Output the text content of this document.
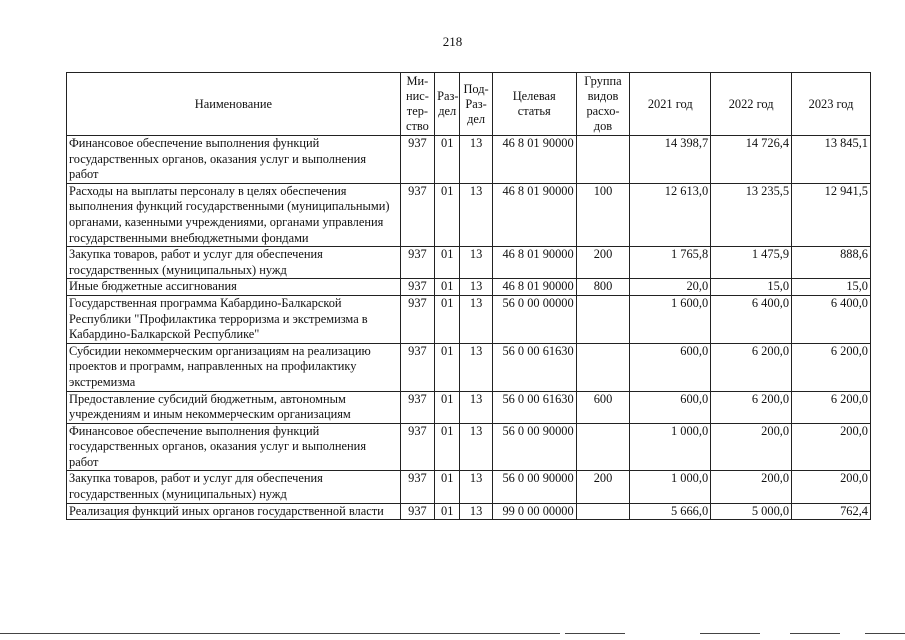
218
Наименование	Ми-нис-тер-ство	Раз-дел	Под-Раз-дел	Целевая статья	Группа видов расхо-дов	2021 год	2022 год	2023 год
Финансовое обеспечение выполнения функций государственных органов, оказания услуг и выполнения работ	937	01	13	46 8 01 90000		14 398,7	14 726,4	13 845,1
Расходы на выплаты персоналу в целях обеспечения выполнения функций государственными (муниципальными) органами, казенными учреждениями, органами управления государственными внебюджетными фондами	937	01	13	46 8 01 90000	100	12 613,0	13 235,5	12 941,5
Закупка товаров, работ и услуг для обеспечения государственных (муниципальных) нужд	937	01	13	46 8 01 90000	200	1 765,8	1 475,9	888,6
Иные бюджетные ассигнования	937	01	13	46 8 01 90000	800	20,0	15,0	15,0
Государственная программа Кабардино-Балкарской Республики "Профилактика терроризма и экстремизма в Кабардино-Балкарской Республике"	937	01	13	56 0 00 00000		1 600,0	6 400,0	6 400,0
Субсидии некоммерческим организациям на реализацию проектов и программ, направленных на профилактику экстремизма	937	01	13	56 0 00 61630		600,0	6 200,0	6 200,0
Предоставление субсидий бюджетным, автономным учреждениям и иным некоммерческим организациям	937	01	13	56 0 00 61630	600	600,0	6 200,0	6 200,0
Финансовое обеспечение выполнения функций государственных органов, оказания услуг и выполнения работ	937	01	13	56 0 00 90000		1 000,0	200,0	200,0
Закупка товаров, работ и услуг для обеспечения государственных (муниципальных) нужд	937	01	13	56 0 00 90000	200	1 000,0	200,0	200,0
Реализация функций иных органов государственной власти	937	01	13	99 0 00 00000		5 666,0	5 000,0	762,4
